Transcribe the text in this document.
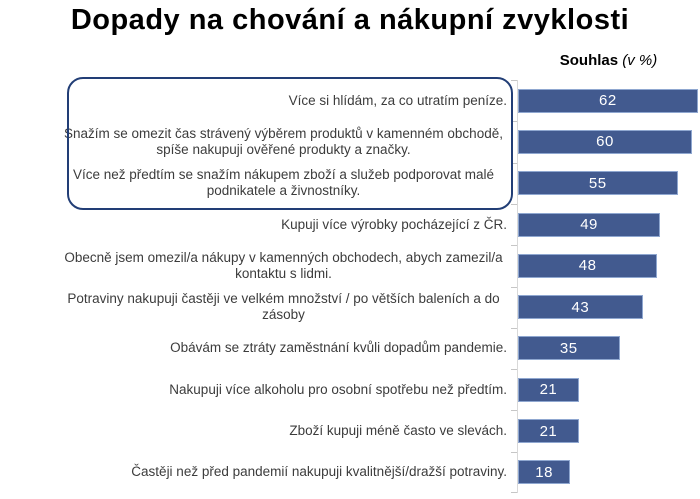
Dopady na chování a nákupní zvyklosti
Souhlas (v %)
Více si hlídám, za co utratím peníze.	62
Snažím se omezit čas strávený výběrem produktů v kamenném obchodě, spíše nakupuji ověřené produkty a značky.	60
Více než předtím se snažím nákupem zboží a služeb podporovat malé podnikatele a živnostníky.	55
Kupuji více výrobky pocházející z ČR.	49
Obecně jsem omezil/a nákupy v kamenných obchodech, abych zamezil/a kontaktu s lidmi.	48
Potraviny nakupuji častěji ve velkém množství / po větších baleních a do zásoby	43
Obávám se ztráty zaměstnání kvůli dopadům pandemie.	35
Nakupuji více alkoholu pro osobní spotřebu než předtím. 21
Zboží kupuji méně často ve slevách. 21
Častěji než před pandemií nakupuji kvalitnější/dražší potraviny. 18
